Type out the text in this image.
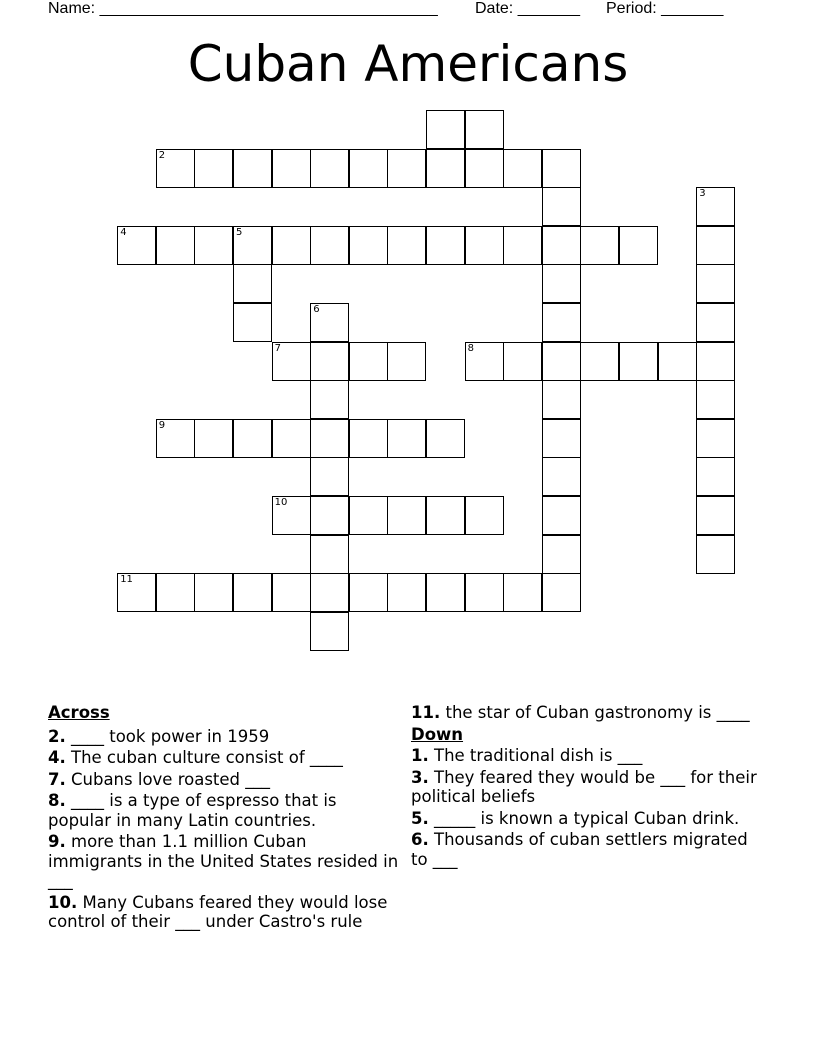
Name: ______________________________________ Date: _______ Period: _______
Cuban Americans
2
3
4	5
6
7	8
9
10
11

Across

2. ____ took power in 1959

4. The cuban culture consist of ____

7. Cubans love roasted ___

8. ____ is a type of espresso that is popular in many Latin countries.

9. more than 1.1 million Cuban immigrants in the United States resided in ___

10. Many Cubans feared they would lose control of their ___ under Castro's rule

11. the star of Cuban gastronomy is ____

Down

1. The traditional dish is ___

3. They feared they would be ___ for their political beliefs

5. _____ is known a typical Cuban drink.

6. Thousands of cuban settlers migrated to ___
